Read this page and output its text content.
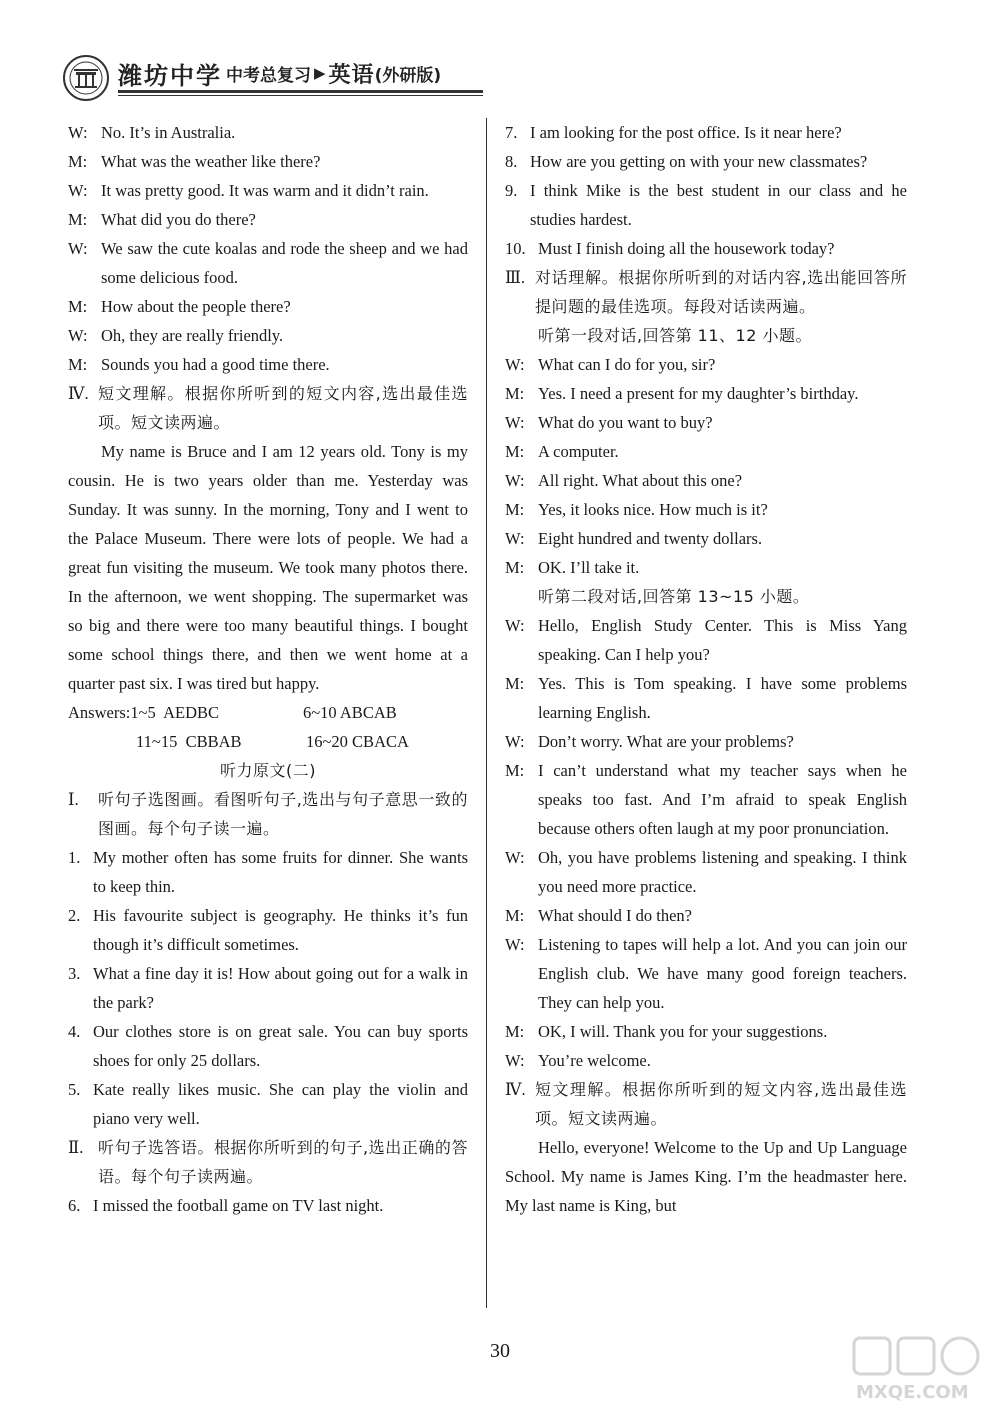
潍坊中学 中考总复习 ▶ 英语 (外研版)
W: No. It’s in Australia.
M: What was the weather like there?
W: It was pretty good. It was warm and it didn’t rain.
M: What did you do there?
W: We saw the cute koalas and rode the sheep and we had some delicious food.
M: How about the people there?
W: Oh, they are really friendly.
M: Sounds you had a good time there.
Ⅳ. 短文理解。根据你所听到的短文内容,选出最佳选项。短文读两遍。
My name is Bruce and I am 12 years old. Tony is my cousin. He is two years older than me. Yesterday was Sunday. It was sunny. In the morning, Tony and I went to the Palace Museum. There were lots of people. We had a great fun visiting the museum. We took many photos there. In the afternoon, we went shopping. The supermarket was so big and there were too many beautiful things. I bought some school things there, and then we went home at a quarter past six. I was tired but happy.
Answers:1~5  AEDBC	6~10 ABCAB
11~15  CBBAB	16~20 CBACA
听力原文(二)
Ⅰ.	听句子选图画。看图听句子,选出与句子意思一致的图画。每个句子读一遍。
1. My mother often has some fruits for dinner. She wants to keep thin.
2. His favourite subject is geography. He thinks it’s fun though it’s difficult sometimes.
3. What a fine day it is! How about going out for a walk in the park?
4. Our clothes store is on great sale. You can buy sports shoes for only 25 dollars.
5. Kate really likes music. She can play the violin and piano very well.
Ⅱ. 听句子选答语。根据你所听到的句子,选出正确的答语。每个句子读两遍。
6. I missed the football game on TV last night.
7. I am looking for the post office. Is it near here?
8. How are you getting on with your new classmates?
9. I think Mike is the best student in our class and he studies hardest.
10. Must I finish doing all the housework today?
Ⅲ. 对话理解。根据你所听到的对话内容,选出能回答所提问题的最佳选项。每段对话读两遍。
听第一段对话,回答第 11、12 小题。
W: What can I do for you, sir?
M: Yes. I need a present for my daughter’s birthday.
W: What do you want to buy?
M: A computer.
W: All right. What about this one?
M: Yes, it looks nice. How much is it?
W: Eight hundred and twenty dollars.
M: OK. I’ll take it.
听第二段对话,回答第 13~15 小题。
W: Hello, English Study Center. This is Miss Yang speaking. Can I help you?
M: Yes. This is Tom speaking. I have some problems learning English.
W: Don’t worry. What are your problems?
M: I can’t understand what my teacher says when he speaks too fast. And I’m afraid to speak English because others often laugh at my poor pronunciation.
W: Oh, you have problems listening and speaking. I think you need more practice.
M: What should I do then?
W: Listening to tapes will help a lot. And you can join our English club. We have many good foreign teachers. They can help you.
M: OK, I will. Thank you for your suggestions.
W: You’re welcome.
Ⅳ. 短文理解。根据你所听到的短文内容,选出最佳选项。短文读两遍。
Hello, everyone! Welcome to the Up and Up Language School. My name is James King. I’m the headmaster here. My last name is King, but
30
MXQE.COM
